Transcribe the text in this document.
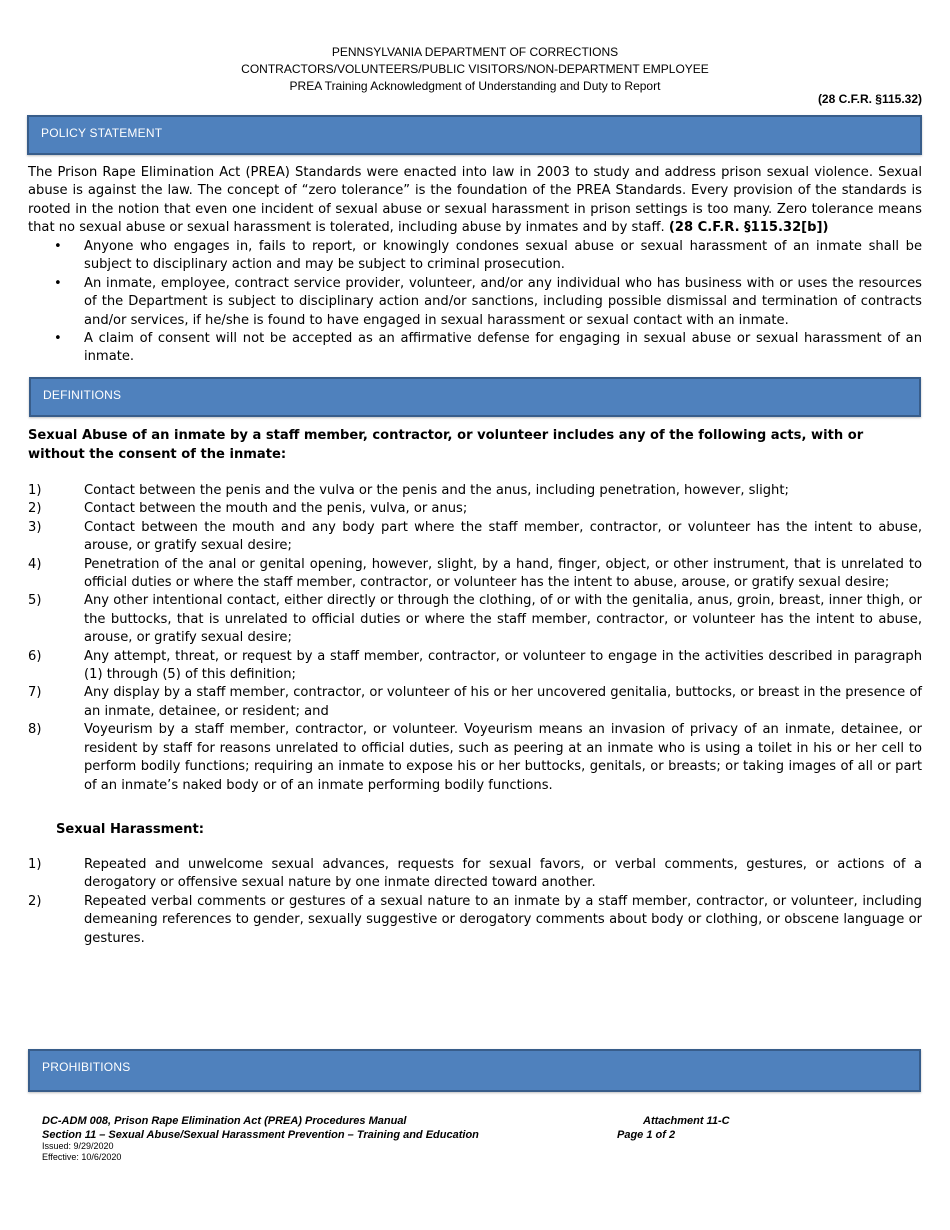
PENNSYLVANIA DEPARTMENT OF CORRECTIONS
CONTRACTORS/VOLUNTEERS/PUBLIC VISITORS/NON-DEPARTMENT EMPLOYEE
PREA Training Acknowledgment of Understanding and Duty to Report
(28 C.F.R. §115.32)
POLICY STATEMENT
The Prison Rape Elimination Act (PREA) Standards were enacted into law in 2003 to study and address prison sexual violence. Sexual abuse is against the law. The concept of “zero tolerance” is the foundation of the PREA Standards. Every provision of the standards is rooted in the notion that even one incident of sexual abuse or sexual harassment in prison settings is too many. Zero tolerance means that no sexual abuse or sexual harassment is tolerated, including abuse by inmates and by staff. (28 C.F.R. §115.32[b])
•	Anyone who engages in, fails to report, or knowingly condones sexual abuse or sexual harassment of an inmate shall be subject to disciplinary action and may be subject to criminal prosecution.
•	An inmate, employee, contract service provider, volunteer, and/or any individual who has business with or uses the resources of the Department is subject to disciplinary action and/or sanctions, including possible dismissal and termination of contracts and/or services, if he/she is found to have engaged in sexual harassment or sexual contact with an inmate.
•	A claim of consent will not be accepted as an affirmative defense for engaging in sexual abuse or sexual harassment of an inmate.
DEFINITIONS
Sexual Abuse of an inmate by a staff member, contractor, or volunteer includes any of the following acts, with or without the consent of the inmate:
1)	Contact between the penis and the vulva or the penis and the anus, including penetration, however, slight;
2)	Contact between the mouth and the penis, vulva, or anus;
3)	Contact between the mouth and any body part where the staff member, contractor, or volunteer has the intent to abuse, arouse, or gratify sexual desire;
4)	Penetration of the anal or genital opening, however, slight, by a hand, finger, object, or other instrument, that is unrelated to official duties or where the staff member, contractor, or volunteer has the intent to abuse, arouse, or gratify sexual desire;
5)	Any other intentional contact, either directly or through the clothing, of or with the genitalia, anus, groin, breast, inner thigh, or the buttocks, that is unrelated to official duties or where the staff member, contractor, or volunteer has the intent to abuse, arouse, or gratify sexual desire;
6)	Any attempt, threat, or request by a staff member, contractor, or volunteer to engage in the activities described in paragraph (1) through (5) of this definition;
7)	Any display by a staff member, contractor, or volunteer of his or her uncovered genitalia, buttocks, or breast in the presence of an inmate, detainee, or resident; and
8)	Voyeurism by a staff member, contractor, or volunteer. Voyeurism means an invasion of privacy of an inmate, detainee, or resident by staff for reasons unrelated to official duties, such as peering at an inmate who is using a toilet in his or her cell to perform bodily functions; requiring an inmate to expose his or her buttocks, genitals, or breasts; or taking images of all or part of an inmate’s naked body or of an inmate performing bodily functions.
Sexual Harassment:
1)	Repeated and unwelcome sexual advances, requests for sexual favors, or verbal comments, gestures, or actions of a derogatory or offensive sexual nature by one inmate directed toward another.
2)	Repeated verbal comments or gestures of a sexual nature to an inmate by a staff member, contractor, or volunteer, including demeaning references to gender, sexually suggestive or derogatory comments about body or clothing, or obscene language or gestures.
PROHIBITIONS
DC-ADM 008, Prison Rape Elimination Act (PREA) Procedures Manual	Attachment 11-C
Section 11 – Sexual Abuse/Sexual Harassment Prevention – Training and Education	Page 1 of 2
Issued: 9/29/2020
Effective: 10/6/2020
